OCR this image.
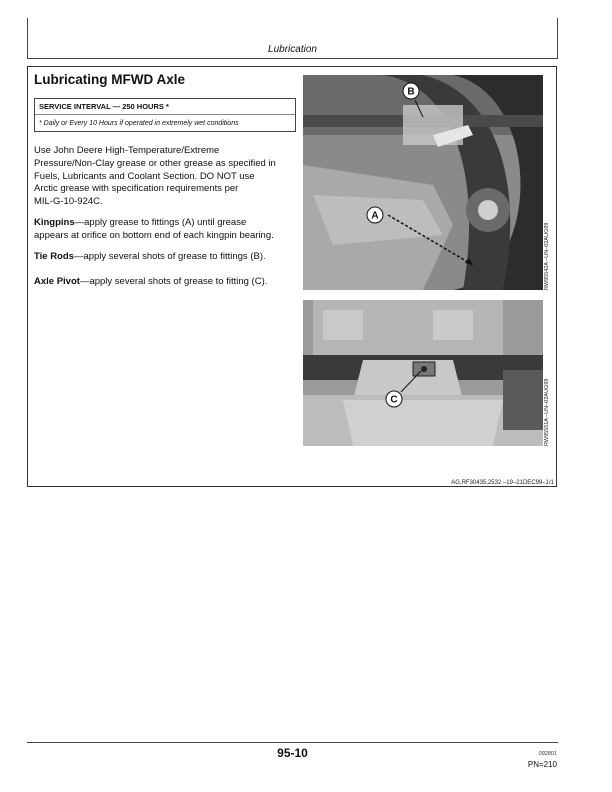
Lubrication
Lubricating MFWD Axle
SERVICE INTERVAL — 250 HOURS *
* Daily or Every 10 Hours if operated in extremely wet conditions
Use John Deere High-Temperature/Extreme
Pressure/Non-Clay grease or other grease as specified in
Fuels, Lubricants and Coolant Section. DO NOT use
Arctic grease with specification requirements per
MIL-G-10-924C.
Kingpins—apply grease to fittings (A) until grease
appears at orifice on bottom end of each kingpin bearing.
Tie Rods—apply several shots of grease to fittings (B).
Axle Pivot—apply several shots of grease to fitting (C).
A
B
RW95542A –UN–02AUG99
C	RW95551A –UN–02AUG99
AG,RF30435,2532 –19–21DEC99–1/1
95-10	092801
PN=210
